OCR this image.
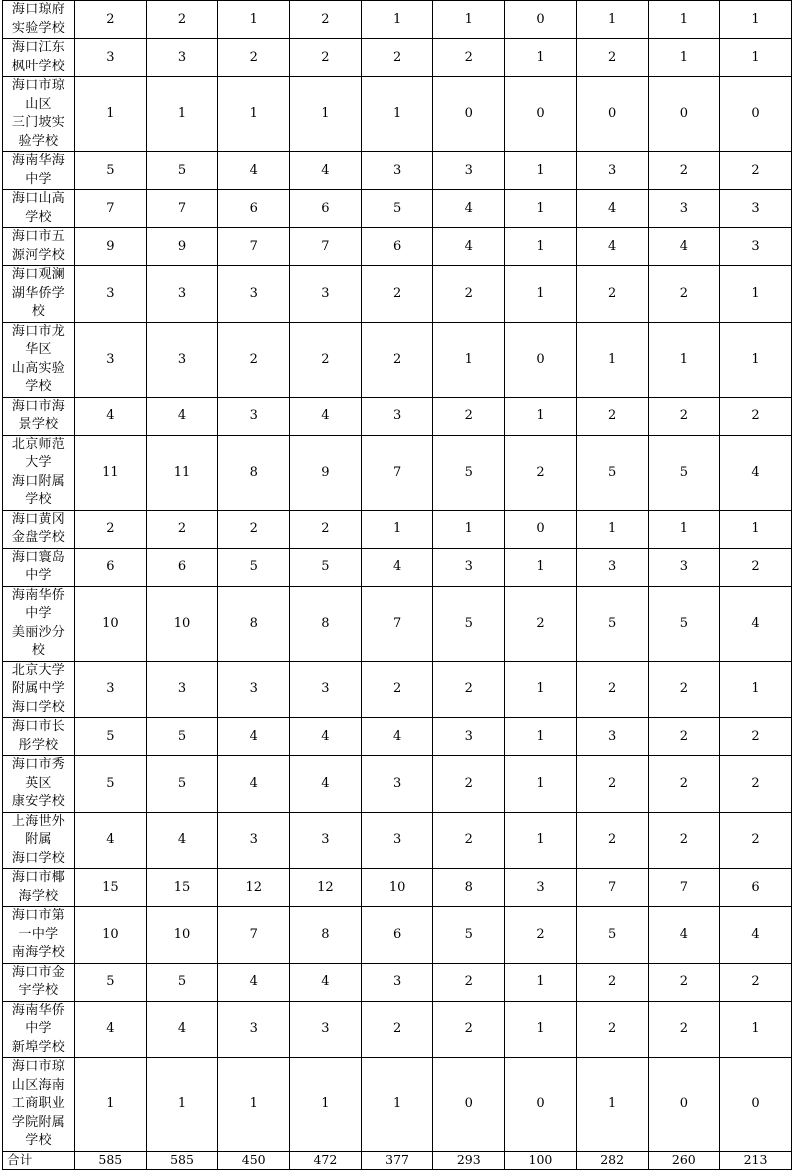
海口琼府
实验学校	2	2	1	2	1	1	0	1	1	1
海口江东
枫叶学校	3	3	2	2	2	2	1	2	1	1
海口市琼
山区
三门坡实
验学校	1	1	1	1	1	0	0	0	0	0
海南华海
中学	5	5	4	4	3	3	1	3	2	2
海口山高
学校	7	7	6	6	5	4	1	4	3	3
海口市五
源河学校	9	9	7	7	6	4	1	4	4	3
海口观澜
湖华侨学
校	3	3	3	3	2	2	1	2	2	1
海口市龙
华区
山高实验
学校	3	3	2	2	2	1	0	1	1	1
海口市海
景学校	4	4	3	4	3	2	1	2	2	2
北京师范
大学
海口附属
学校	11	11	8	9	7	5	2	5	5	4
海口黄冈
金盘学校	2	2	2	2	1	1	0	1	1	1
海口寰岛
中学	6	6	5	5	4	3	1	3	3	2
海南华侨
中学
美丽沙分
校	10	10	8	8	7	5	2	5	5	4
北京大学
附属中学
海口学校	3	3	3	3	2	2	1	2	2	1
海口市长
彤学校	5	5	4	4	4	3	1	3	2	2
海口市秀
英区
康安学校	5	5	4	4	3	2	1	2	2	2
上海世外
附属
海口学校	4	4	3	3	3	2	1	2	2	2
海口市椰
海学校	15	15	12	12	10	8	3	7	7	6
海口市第
一中学
南海学校	10	10	7	8	6	5	2	5	4	4
海口市金
宇学校	5	5	4	4	3	2	1	2	2	2
海南华侨
中学
新埠学校	4	4	3	3	2	2	1	2	2	1
海口市琼
山区海南
工商职业
学院附属
学校	1	1	1	1	1	0	0	1	0	0
合计	585	585	450	472	377	293	100	282	260	213
